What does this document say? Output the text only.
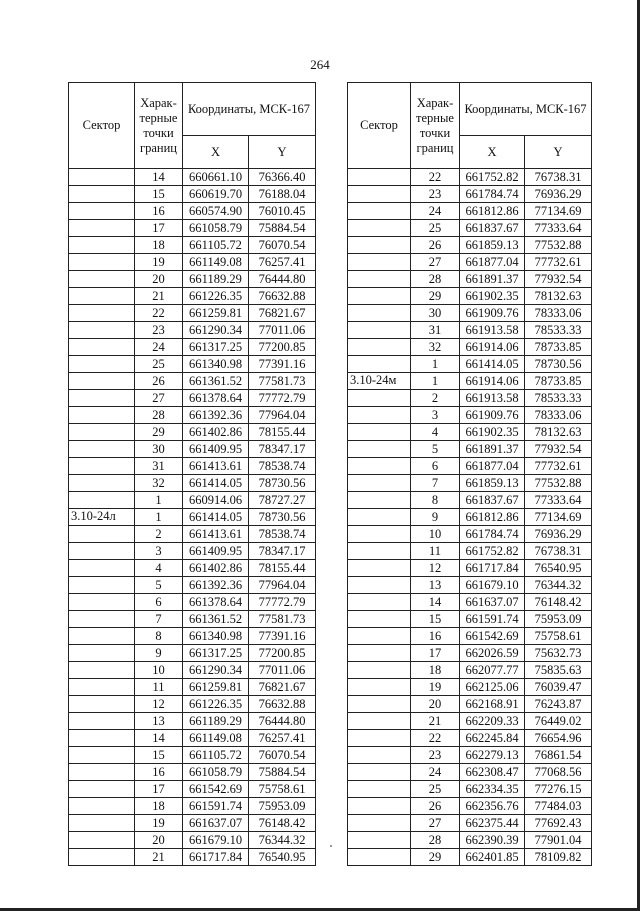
264
Сектор	Харак-терные точки границ	Координаты, МСК-167	
		X	Y
	14	660661.10	76366.40
	15	660619.70	76188.04
	16	660574.90	76010.45
	17	661058.79	75884.54
	18	661105.72	76070.54
	19	661149.08	76257.41
	20	661189.29	76444.80
	21	661226.35	76632.88
	22	661259.81	76821.67
	23	661290.34	77011.06
	24	661317.25	77200.85
	25	661340.98	77391.16
	26	661361.52	77581.73
	27	661378.64	77772.79
	28	661392.36	77964.04
	29	661402.86	78155.44
	30	661409.95	78347.17
	31	661413.61	78538.74
	32	661414.05	78730.56
	1	660914.06	78727.27
3.10-24л	1	661414.05	78730.56
	2	661413.61	78538.74
	3	661409.95	78347.17
	4	661402.86	78155.44
	5	661392.36	77964.04
	6	661378.64	77772.79
	7	661361.52	77581.73
	8	661340.98	77391.16
	9	661317.25	77200.85
	10	661290.34	77011.06
	11	661259.81	76821.67
	12	661226.35	76632.88
	13	661189.29	76444.80
	14	661149.08	76257.41
	15	661105.72	76070.54
	16	661058.79	75884.54
	17	661542.69	75758.61
	18	661591.74	75953.09
	19	661637.07	76148.42
	20	661679.10	76344.32
	21	661717.84	76540.95
Сектор	Харак-терные точки границ	Координаты, МСК-167	
		X	Y
	22	661752.82	76738.31
	23	661784.74	76936.29
	24	661812.86	77134.69
	25	661837.67	77333.64
	26	661859.13	77532.88
	27	661877.04	77732.61
	28	661891.37	77932.54
	29	661902.35	78132.63
	30	661909.76	78333.06
	31	661913.58	78533.33
	32	661914.06	78733.85
	1	661414.05	78730.56
3.10-24м	1	661914.06	78733.85
	2	661913.58	78533.33
	3	661909.76	78333.06
	4	661902.35	78132.63
	5	661891.37	77932.54
	6	661877.04	77732.61
	7	661859.13	77532.88
	8	661837.67	77333.64
	9	661812.86	77134.69
	10	661784.74	76936.29
	11	661752.82	76738.31
	12	661717.84	76540.95
	13	661679.10	76344.32
	14	661637.07	76148.42
	15	661591.74	75953.09
	16	661542.69	75758.61
	17	662026.59	75632.73
	18	662077.77	75835.63
	19	662125.06	76039.47
	20	662168.91	76243.87
	21	662209.33	76449.02
	22	662245.84	76654.96
	23	662279.13	76861.54
	24	662308.47	77068.56
	25	662334.35	77276.15
	26	662356.76	77484.03
	27	662375.44	77692.43
	28	662390.39	77901.04
	29	662401.85	78109.82
